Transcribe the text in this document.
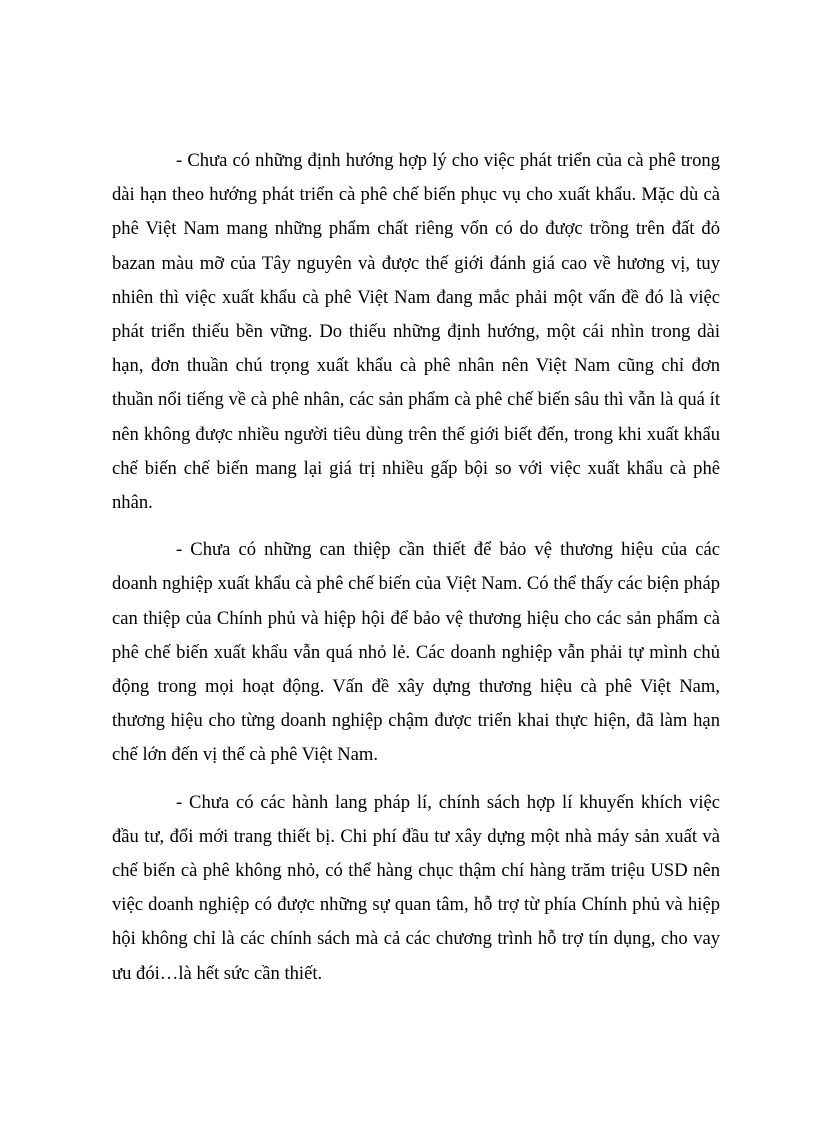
- Chưa có những định hướng hợp lý cho việc phát triển của cà phê trong dài hạn theo hướng phát triển cà phê chế biến phục vụ cho xuất khẩu. Mặc dù cà phê Việt Nam mang những phẩm chất riêng vốn có do được trồng trên đất đỏ bazan màu mỡ của Tây nguyên và được thế giới đánh giá cao về hương vị, tuy nhiên thì việc xuất khẩu cà phê Việt Nam đang mắc phải một vấn đề đó là việc phát triển thiếu bền vững. Do thiếu những định hướng, một cái nhìn trong dài hạn, đơn thuần chú trọng xuất khẩu cà phê nhân nên Việt Nam cũng chỉ đơn thuần nổi tiếng về cà phê nhân, các sản phẩm cà phê chế biến sâu thì vẫn là quá ít nên không được nhiều người tiêu dùng trên thế giới biết đến, trong khi xuất khẩu chế biến chế biến mang lại giá trị nhiều gấp bội so với việc xuất khẩu cà phê nhân.

- Chưa có những can thiệp cần thiết để bảo vệ thương hiệu của các doanh nghiệp xuất khẩu cà phê chế biến của Việt Nam. Có thể thấy các biện pháp can thiệp của Chính phủ và hiệp hội để bảo vệ thương hiệu cho các sản phẩm cà phê chế biến xuất khẩu vẫn quá nhỏ lẻ. Các doanh nghiệp vẫn phải tự mình chủ động trong mọi hoạt động. Vấn đề xây dựng thương hiệu cà phê Việt Nam, thương hiệu cho từng doanh nghiệp chậm được triển khai thực hiện, đã làm hạn chế lớn đến vị thế cà phê Việt Nam.

- Chưa có các hành lang pháp lí, chính sách hợp lí khuyến khích việc đầu tư, đổi mới trang thiết bị. Chi phí đầu tư xây dựng một nhà máy sản xuất và chế biến cà phê không nhỏ, có thể hàng chục thậm chí hàng trăm triệu USD nên việc doanh nghiệp có được những sự quan tâm, hỗ trợ từ phía Chính phủ và hiệp hội không chỉ là các chính sách mà cả các chương trình hỗ trợ tín dụng, cho vay ưu đói…là hết sức cần thiết.
